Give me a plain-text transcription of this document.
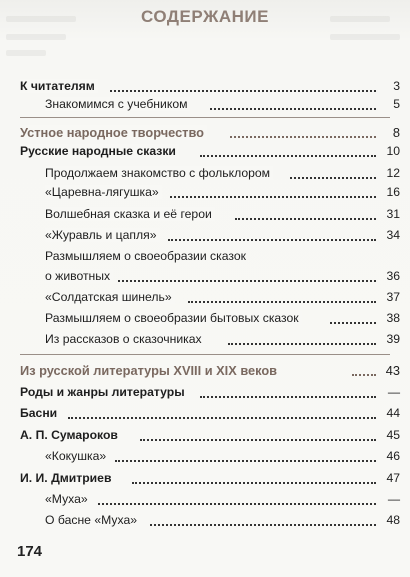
СОДЕРЖАНИЕ
К читателям	3
Знакомимся с учебником	5
Устное народное творчество	8
Русские народные сказки	10
Продолжаем знакомство с фольклором	12
«Царевна-лягушка»	16
Волшебная сказка и её герои	31
«Журавль и цапля»	34
Размышляем о своеобразии сказок
о животных	36
«Солдатская шинель»	37
Размышляем о своеобразии бытовых сказок	38
Из рассказов о сказочниках	39
Из русской литературы XVIII и XIX веков	43
Роды и жанры литературы	—
Басни	44
А. П. Сумароков	45
«Кокушка»	46
И. И. Дмитриев	47
«Муха»	—
О басне «Муха»	48
174
